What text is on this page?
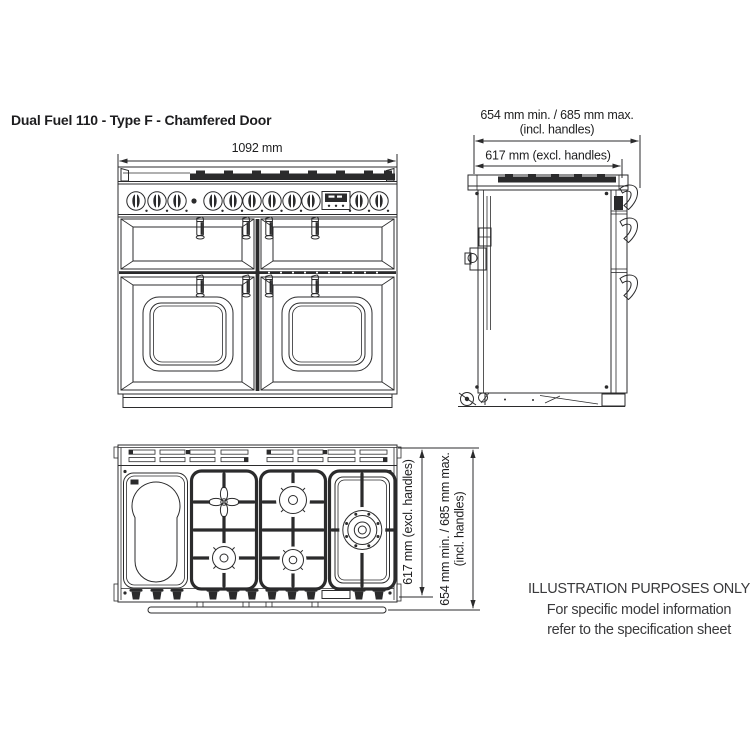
Dual Fuel 110 - Type F - Chamfered Door
1092 mm
654 mm min. / 685 mm max.
(incl. handles)
617 mm (excl. handles)
617 mm (excl. handles) 654 mm min. / 685 mm max. (incl. handles)
ILLUSTRATION PURPOSES ONLY
For specific model information
refer to the specification sheet
